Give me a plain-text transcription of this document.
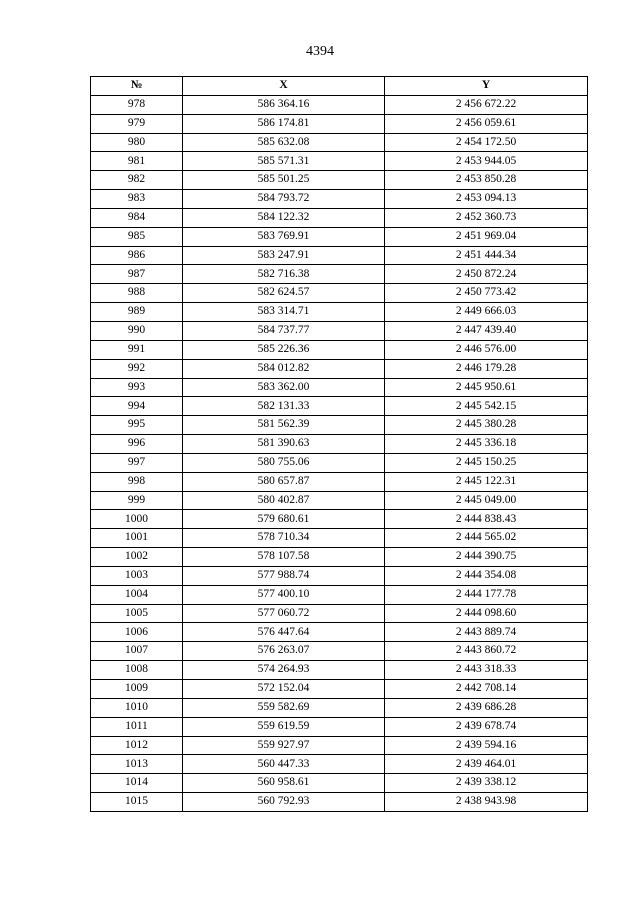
4394
№	X	Y
978	586 364.16	2 456 672.22
979	586 174.81	2 456 059.61
980	585 632.08	2 454 172.50
981	585 571.31	2 453 944.05
982	585 501.25	2 453 850.28
983	584 793.72	2 453 094.13
984	584 122.32	2 452 360.73
985	583 769.91	2 451 969.04
986	583 247.91	2 451 444.34
987	582 716.38	2 450 872.24
988	582 624.57	2 450 773.42
989	583 314.71	2 449 666.03
990	584 737.77	2 447 439.40
991	585 226.36	2 446 576.00
992	584 012.82	2 446 179.28
993	583 362.00	2 445 950.61
994	582 131.33	2 445 542.15
995	581 562.39	2 445 380.28
996	581 390.63	2 445 336.18
997	580 755.06	2 445 150.25
998	580 657.87	2 445 122.31
999	580 402.87	2 445 049.00
1000	579 680.61	2 444 838.43
1001	578 710.34	2 444 565.02
1002	578 107.58	2 444 390.75
1003	577 988.74	2 444 354.08
1004	577 400.10	2 444 177.78
1005	577 060.72	2 444 098.60
1006	576 447.64	2 443 889.74
1007	576 263.07	2 443 860.72
1008	574 264.93	2 443 318.33
1009	572 152.04	2 442 708.14
1010	559 582.69	2 439 686.28
1011	559 619.59	2 439 678.74
1012	559 927.97	2 439 594.16
1013	560 447.33	2 439 464.01
1014	560 958.61	2 439 338.12
1015	560 792.93	2 438 943.98
